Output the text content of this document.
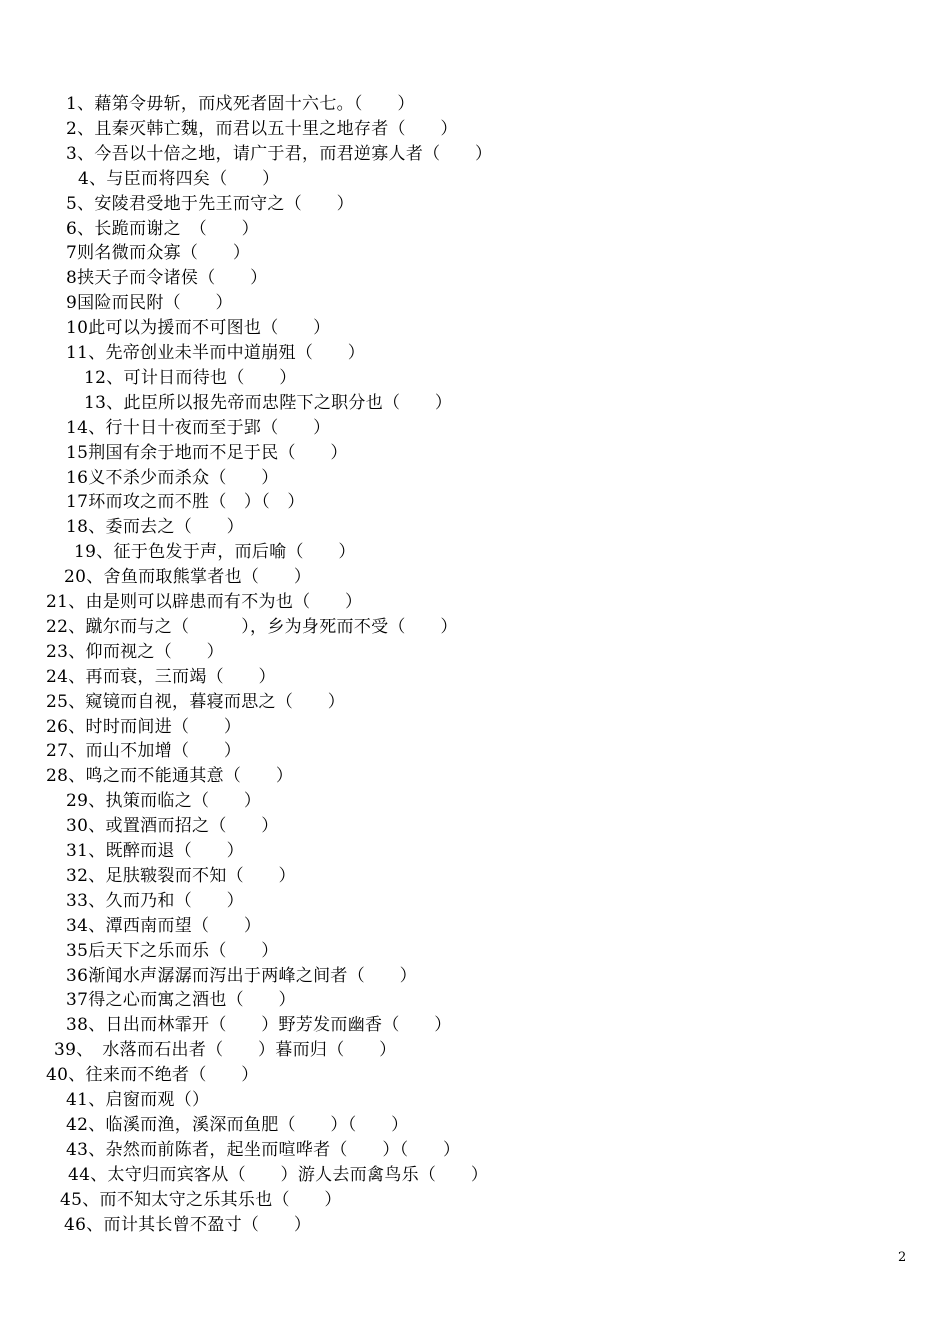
1、藉第令毋斩，而戍死者固十六七。（　　）
2、且秦灭韩亡魏，而君以五十里之地存者（　　）
3、今吾以十倍之地，请广于君，而君逆寡人者（　　）
4、与臣而将四矣（　　）
5、安陵君受地于先王而守之（　　）
6、长跪而谢之　（　　）
7则名微而众寡（　　）
8挟天子而令诸侯（　　）
9国险而民附（　　）
10此可以为援而不可图也（　　）
11、先帝创业未半而中道崩殂（　　）
12、可计日而待也（　　）
13、此臣所以报先帝而忠陛下之职分也（　　）
14、行十日十夜而至于郢（　　）
15荆国有余于地而不足于民（　　）
16义不杀少而杀众（　　）
17环而攻之而不胜（　）（　）
18、委而去之（　　）
19、征于色发于声，而后喻（　　）
20、舍鱼而取熊掌者也（　　）
21、由是则可以辟患而有不为也（　　）
22、蹴尔而与之（　　　），乡为身死而不受（　　）
23、仰而视之（　　）
24、再而衰，三而竭（　　）
25、窥镜而自视，暮寝而思之（　　）
26、时时而间进（　　）
27、而山不加增（　　）
28、鸣之而不能通其意（　　）
29、执策而临之（　　）
30、或置酒而招之（　　）
31、既醉而退（　　）
32、足肤皲裂而不知（　　）
33、久而乃和（　　）
34、潭西南而望（　　）
35后天下之乐而乐（　　）
36渐闻水声潺潺而泻出于两峰之间者（　　）
37得之心而寓之酒也（　　）
38、日出而林霏开（　　）野芳发而幽香（　　）
39、　水落而石出者（　　）暮而归（　　）
40、往来而不绝者（　　）
41、启窗而观（）
42、临溪而渔，溪深而鱼肥（　　）（　　）
43、杂然而前陈者，起坐而喧哗者（　　）（　　）
44、太守归而宾客从（　　）游人去而禽鸟乐（　　）
45、而不知太守之乐其乐也（　　）
46、而计其长曾不盈寸（　　）
2
